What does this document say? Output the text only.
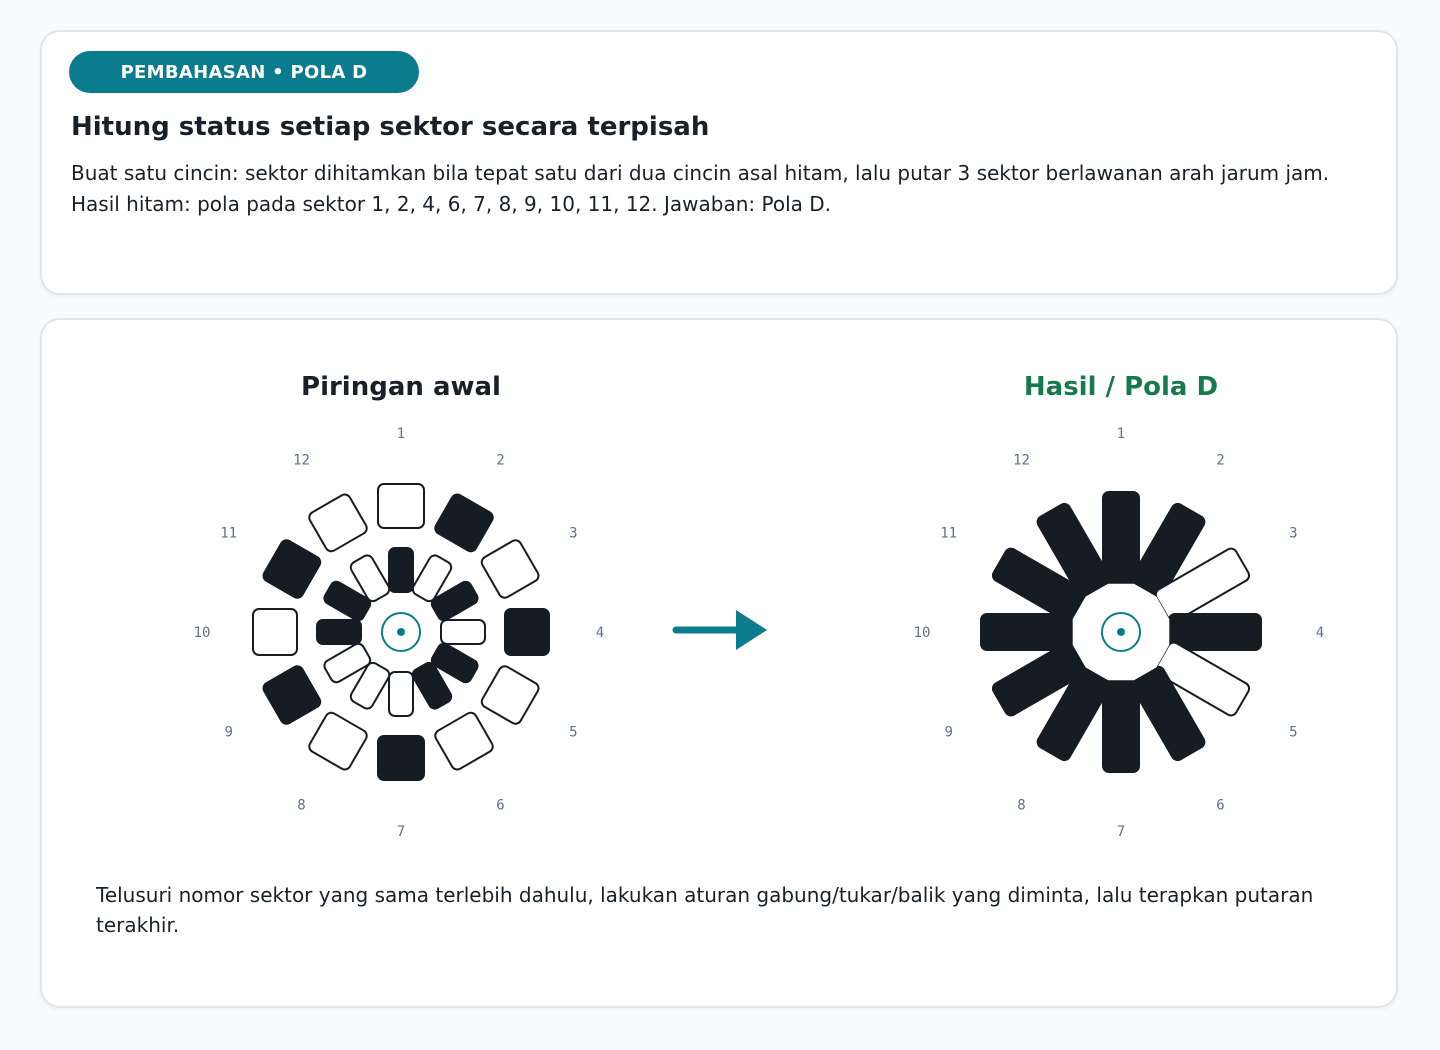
PEMBAHASAN • POLA D
Hitung status setiap sektor secara terpisah

Buat satu cincin: sektor dihitamkan bila tepat satu dari dua cincin asal hitam, lalu putar 3 sektor berlawanan arah jarum jam.

Hasil hitam: pola pada sektor 1, 2, 4, 6, 7, 8, 9, 10, 11, 12. Jawaban: Pola D.

Piringan awal	Hasil / Pola D
1
2
3
4
5
6
7
8
9
10
11
12
1
2
3
4
5
6
7
8
9
10
11
12
Telusuri nomor sektor yang sama terlebih dahulu, lakukan aturan gabung/tukar/balik yang diminta, lalu terapkan putaran terakhir.
